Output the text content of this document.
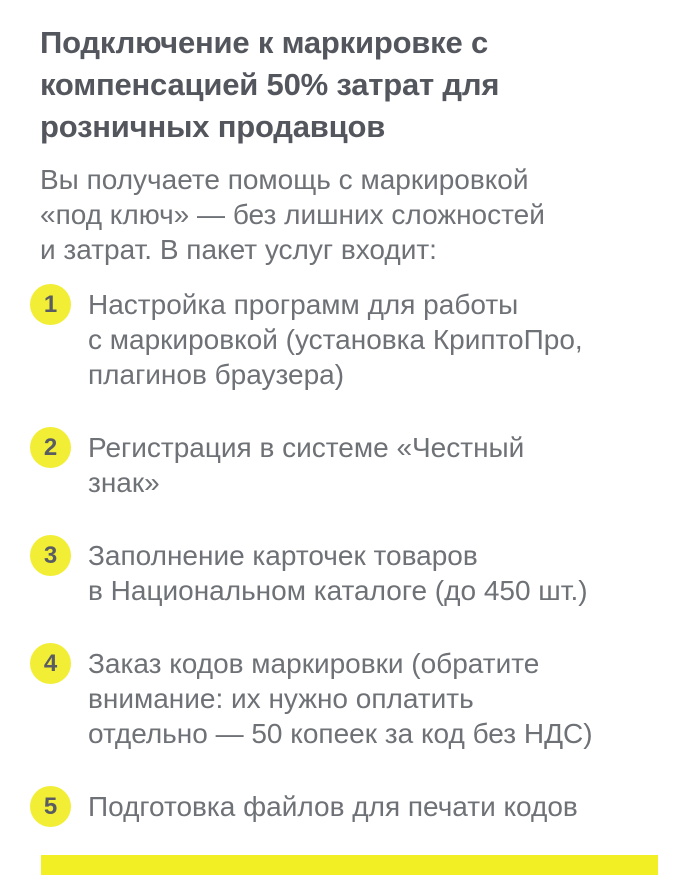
Подключение к маркировке с
компенсацией 50% затрат для
розничных продавцов

Вы получаете помощь с маркировкой
«под ключ» — без лишних сложностей
и затрат. В пакет услуг входит:

1	Настройка программ для работы
с маркировкой (установка КриптоПро,
плагинов браузера)
2	Регистрация в системе «Честный
знак»
3	Заполнение карточек товаров
в Национальном каталоге (до 450 шт.)
4	Заказ кодов маркировки (обратите
внимание: их нужно оплатить
отдельно — 50 копеек за код без НДС)
5	Подготовка файлов для печати кодов
